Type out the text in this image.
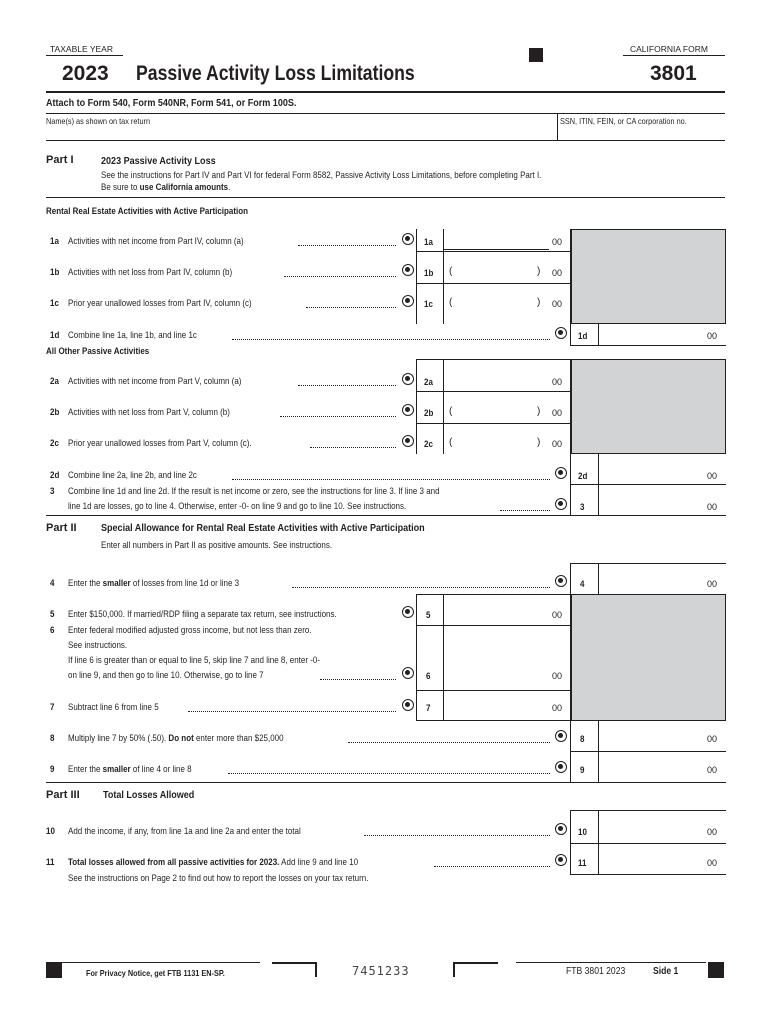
TAXABLE YEAR	CALIFORNIA FORM
2023 Passive Activity Loss Limitations	3801
Attach to Form 540, Form 540NR, Form 541, or Form 100S.
Name(s) as shown on tax return	SSN, ITIN, FEIN, or CA corporation no.
Part I	2023 Passive Activity Loss
See the instructions for Part IV and Part VI for federal Form 8582, Passive Activity Loss Limitations, before completing Part I.
Be sure to use California amounts.
Rental Real Estate Activities with Active Participation
1a Activities with net income from Part IV, column (a)	1a	00
1b Activities with net loss from Part IV, column (b)	1b (	) 00
1c Prior year unallowed losses from Part IV, column (c)	1c (	) 00
1d Combine line 1a, line 1b, and line 1c	1d	00
All Other Passive Activities
2a Activities with net income from Part V, column (a)	2a	00
2b Activities with net loss from Part V, column (b)	2b (	) 00
2c Prior year unallowed losses from Part V, column (c).	2c (	) 00
2d Combine line 2a, line 2b, and line 2c	2d	00
3 Combine line 1d and line 2d. If the result is net income or zero, see the instructions for line 3. If line 3 and
line 1d are losses, go to line 4. Otherwise, enter -0- on line 9 and go to line 10. See instructions.	3	00
Part II Special Allowance for Rental Real Estate Activities with Active Participation
Enter all numbers in Part II as positive amounts. See instructions.
4 Enter the smaller of losses from line 1d or line 3	4	00
5 Enter $150,000. If married/RDP filing a separate tax return, see instructions.	5	00
6 Enter federal modified adjusted gross income, but not less than zero.
See instructions.
If line 6 is greater than or equal to line 5, skip line 7 and line 8, enter -0-
on line 9, and then go to line 10. Otherwise, go to line 7	6	00
7 Subtract line 6 from line 5	7	00
8 Multiply line 7 by 50% (.50). Do not enter more than $25,000	8	00
9 Enter the smaller of line 4 or line 8	9	00
Part III Total Losses Allowed
10 Add the income, if any, from line 1a and line 2a and enter the total	10	00
11 Total losses allowed from all passive activities for 2023. Add line 9 and line 10
See the instructions on Page 2 to find out how to report the losses on your tax return.
11	00
For Privacy Notice, get FTB 1131 EN-SP.	7451233	FTB 3801 2023	Side 1
